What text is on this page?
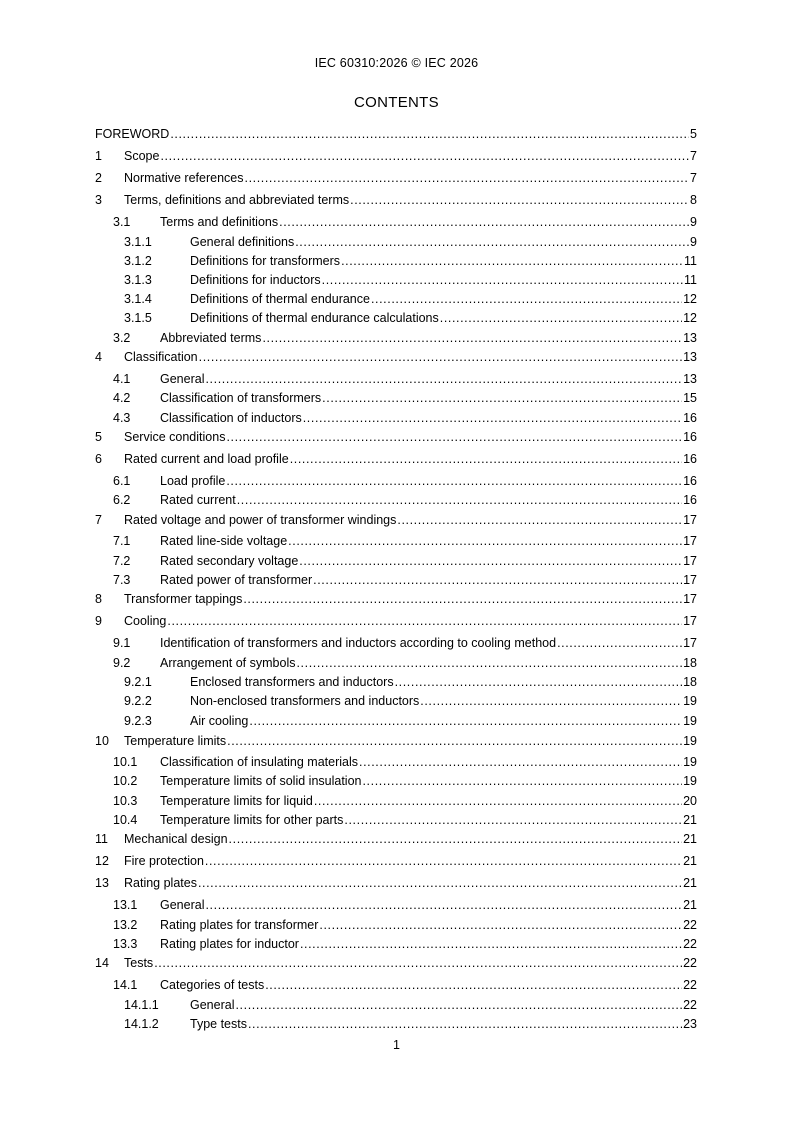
IEC 60310:2026 © IEC 2026
CONTENTS
FOREWORD .....	5
1	Scope .....	7
2	Normative references .....	7
3	Terms, definitions and abbreviated terms .....	8
3.1	Terms and definitions .....	9
3.1.1	General definitions .....	9
3.1.2	Definitions for transformers .....	11
3.1.3	Definitions for inductors .....	11
3.1.4	Definitions of thermal endurance .....	12
3.1.5	Definitions of thermal endurance calculations .....	12
3.2	Abbreviated terms .....	13
4	Classification .....	13
4.1	General .....	13
4.2	Classification of transformers .....	15
4.3	Classification of inductors .....	16
5	Service conditions .....	16
6	Rated current and load profile .....	16
6.1	Load profile .....	16
6.2	Rated current .....	16
7	Rated voltage and power of transformer windings .....	17
7.1	Rated line-side voltage .....	17
7.2	Rated secondary voltage .....	17
7.3	Rated power of transformer .....	17
8	Transformer tappings .....	17
9	Cooling .....	17
9.1	Identification of transformers and inductors according to cooling method .....	17
9.2	Arrangement of symbols .....	18
9.2.1	Enclosed transformers and inductors .....	18
9.2.2	Non-enclosed transformers and inductors .....	19
9.2.3	Air cooling .....	19
10	Temperature limits .....	19
10.1	Classification of insulating materials .....	19
10.2	Temperature limits of solid insulation .....	19
10.3	Temperature limits for liquid .....	20
10.4	Temperature limits for other parts .....	21
11	Mechanical design .....	21
12	Fire protection .....	21
13	Rating plates .....	21
13.1	General .....	21
13.2	Rating plates for transformer .....	22
13.3	Rating plates for inductor .....	22
14	Tests .....	22
14.1	Categories of tests .....	22
14.1.1	General .....	22
14.1.2	Type tests .....	23
1
